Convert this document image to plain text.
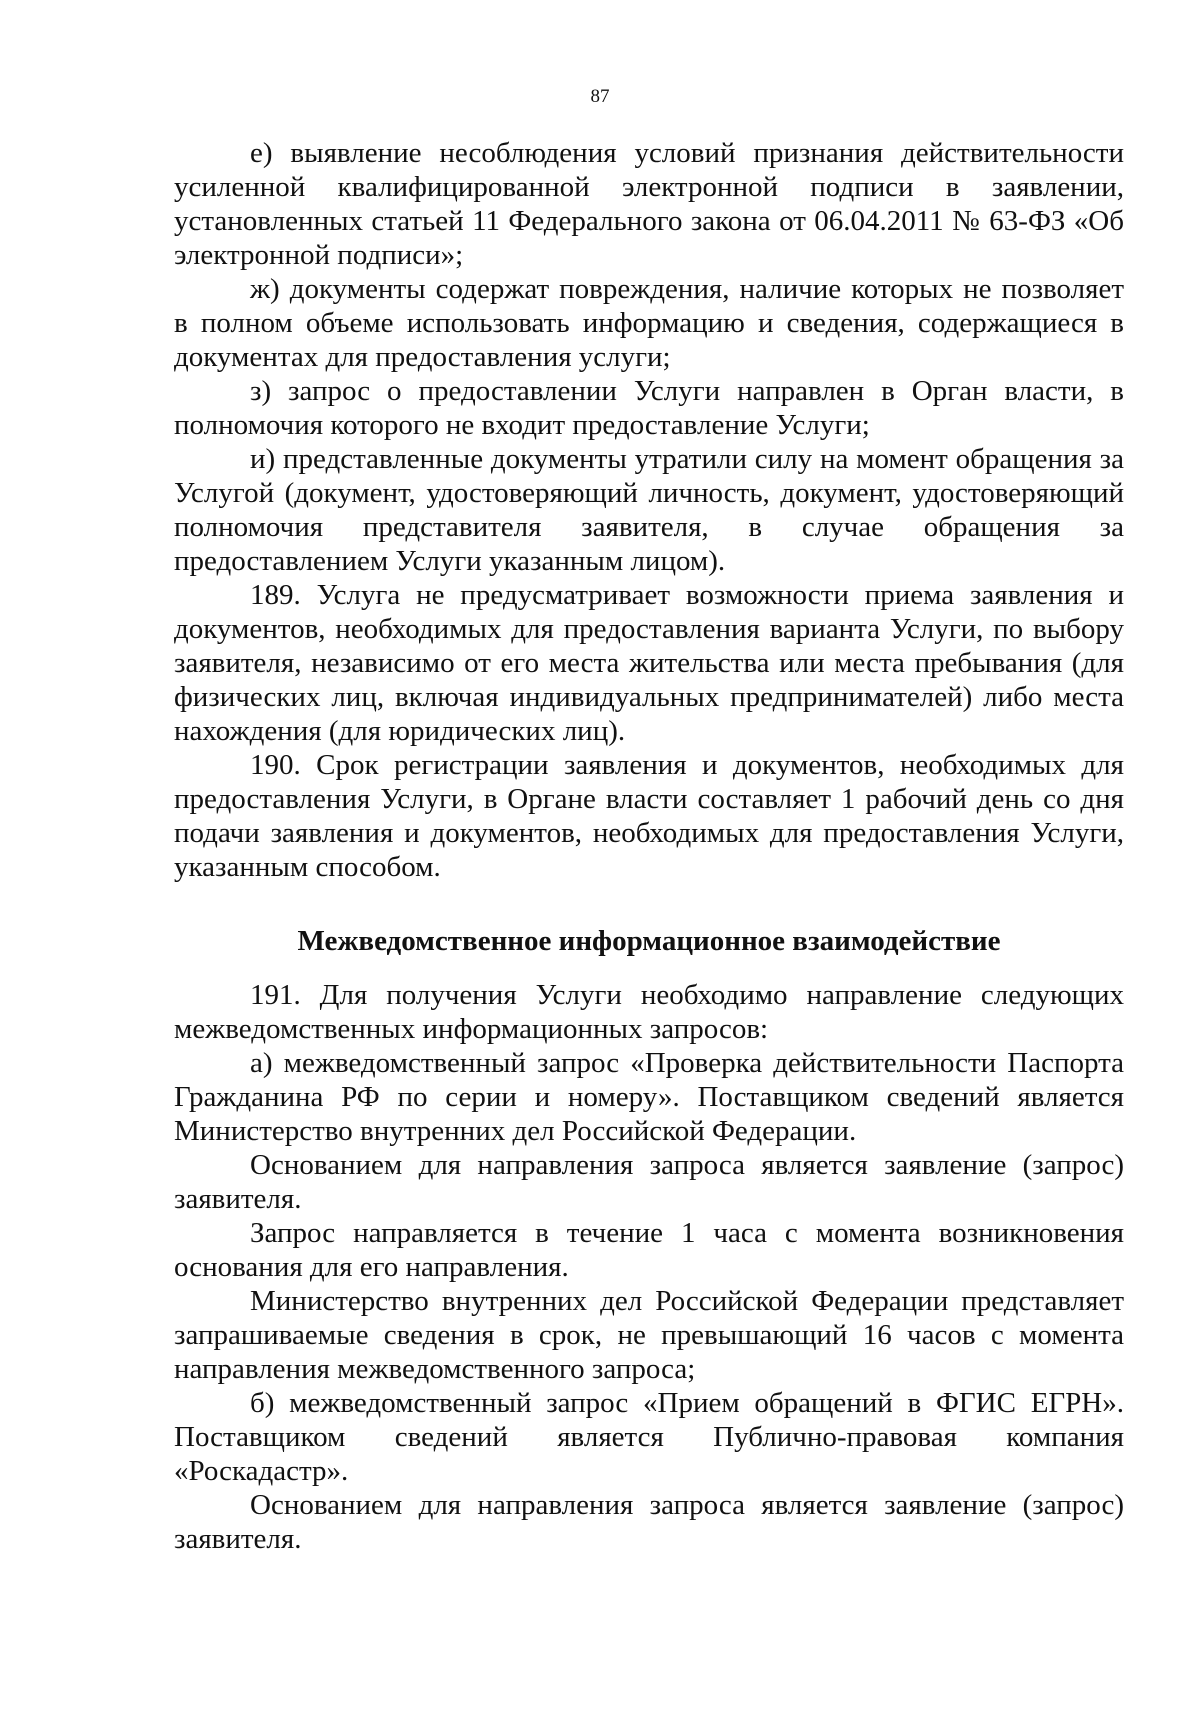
87

е) выявление несоблюдения условий признания действительности усиленной квалифицированной электронной подписи в заявлении, установленных статьей 11 Федерального закона от 06.04.2011 № 63-ФЗ «Об электронной подписи»;

ж) документы содержат повреждения, наличие которых не позволяет в полном объеме использовать информацию и сведения, содержащиеся в документах для предоставления услуги;

з) запрос о предоставлении Услуги направлен в Орган власти, в полномочия которого не входит предоставление Услуги;

и) представленные документы утратили силу на момент обращения за Услугой (документ, удостоверяющий личность, документ, удостоверяющий полномочия представителя заявителя, в случае обращения за предоставлением Услуги указанным лицом).

189. Услуга не предусматривает возможности приема заявления и документов, необходимых для предоставления варианта Услуги, по выбору заявителя, независимо от его места жительства или места пребывания (для физических лиц, включая индивидуальных предпринимателей) либо места нахождения (для юридических лиц).

190. Срок регистрации заявления и документов, необходимых для предоставления Услуги, в Органе власти составляет 1 рабочий день со дня подачи заявления и документов, необходимых для предоставления Услуги, указанным способом.

Межведомственное информационное взаимодействие

191. Для получения Услуги необходимо направление следующих межведомственных информационных запросов:

а) межведомственный запрос «Проверка действительности Паспорта Гражданина РФ по серии и номеру». Поставщиком сведений является Министерство внутренних дел Российской Федерации.

Основанием для направления запроса является заявление (запрос) заявителя.

Запрос направляется в течение 1 часа с момента возникновения основания для его направления.

Министерство внутренних дел Российской Федерации представляет запрашиваемые сведения в срок, не превышающий 16 часов с момента направления межведомственного запроса;

б) межведомственный запрос «Прием обращений в ФГИС ЕГРН». Поставщиком сведений является Публично-правовая компания «Роскадастр».

Основанием для направления запроса является заявление (запрос) заявителя.
